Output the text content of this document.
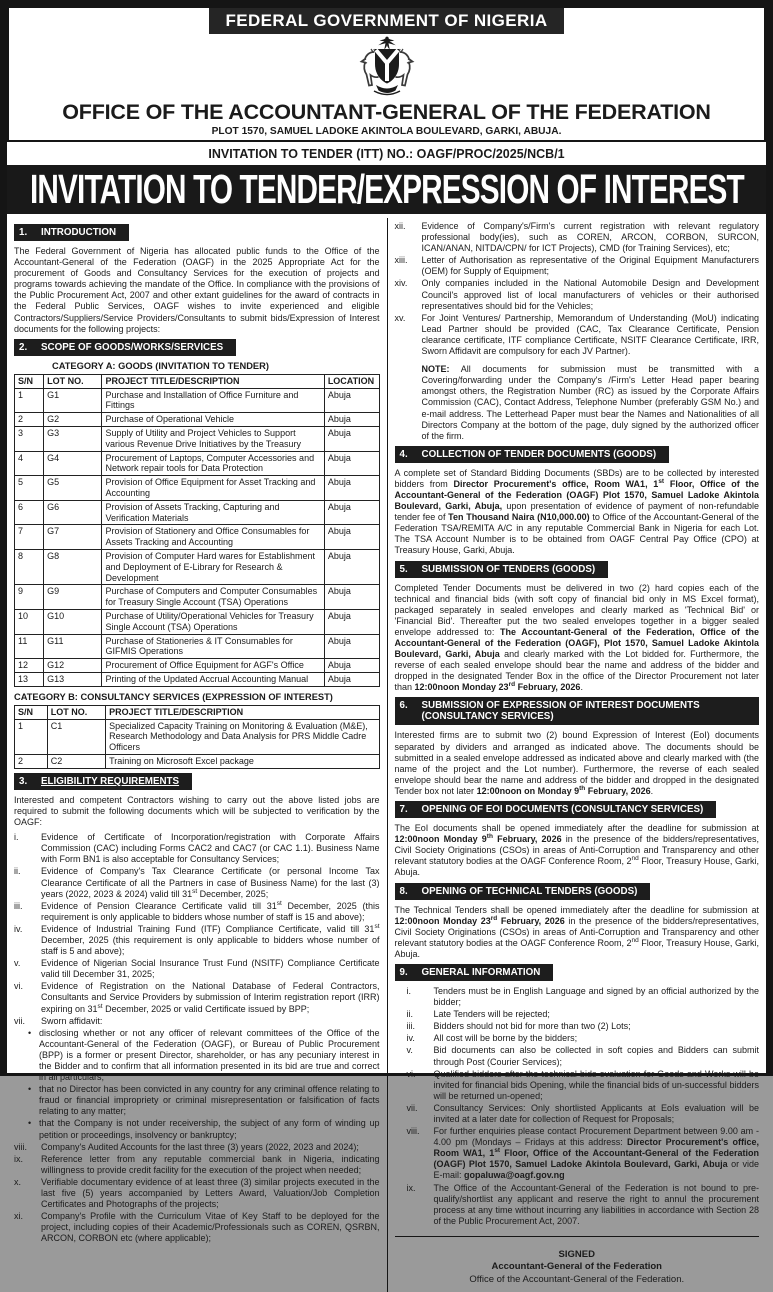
FEDERAL GOVERNMENT OF NIGERIA
OFFICE OF THE ACCOUNTANT-GENERAL OF THE FEDERATION
PLOT 1570, SAMUEL LADOKE AKINTOLA BOULEVARD, GARKI, ABUJA.
INVITATION TO TENDER (ITT) NO.: OAGF/PROC/2025/NCB/1
INVITATION TO TENDER/EXPRESSION OF INTEREST
1.	INTRODUCTION
The Federal Government of Nigeria has allocated public funds to the Office of the Accountant-General of the Federation (OAGF) in the 2025 Appropriate Act for the procurement of Goods and Consultancy Services for the execution of projects and programs towards achieving the mandate of the Office. In compliance with the provisions of the Public Procurement Act, 2007 and other extant guidelines for the award of contracts in the Federal Public Services, OAGF wishes to invite experienced and eligible Contractors/Suppliers/Service Providers/Consultants to submit bids/Expression of Interest documents for the following projects:
2.	SCOPE OF GOODS/WORKS/SERVICES
CATEGORY A: GOODS (INVITATION TO TENDER)
S/N	LOT NO.	PROJECT TITLE/DESCRIPTION	LOCATION
1	G1	Purchase and Installation of Office Furniture and Fittings	Abuja
2	G2	Purchase of Operational Vehicle	Abuja
3	G3	Supply of Utility and Project Vehicles to Support various Revenue Drive Initiatives by the Treasury	Abuja
4	G4	Procurement of Laptops, Computer Accessories and Network repair tools for Data Protection	Abuja
5	G5	Provision of Office Equipment for Asset Tracking and Accounting	Abuja
6	G6	Provision of Assets Tracking, Capturing and Verification Materials	Abuja
7	G7	Provision of Stationery and Office Consumables for Assets Tracking and Accounting	Abuja
8	G8	Provision of Computer Hard wares for Establishment and Deployment of E-Library for Research & Development	Abuja
9	G9	Purchase of Computers and Computer Consumables for Treasury Single Account (TSA) Operations	Abuja
10	G10	Purchase of Utility/Operational Vehicles for Treasury Single Account (TSA) Operations	Abuja
11	G11	Purchase of Stationeries & IT Consumables for GIFMIS Operations	Abuja
12	G12	Procurement of Office Equipment for AGF's Office	Abuja
13	G13	Printing of the Updated Accrual Accounting Manual	Abuja
CATEGORY B: CONSULTANCY SERVICES (EXPRESSION OF INTEREST)
S/N	LOT NO.	PROJECT TITLE/DESCRIPTION
1	C1	Specialized Capacity Training on Monitoring & Evaluation (M&E), Research Methodology and Data Analysis for PRS Middle Cadre Officers
2	C2	Training on Microsoft Excel package
3.	ELIGIBILITY REQUIREMENTS
Interested and competent Contractors wishing to carry out the above listed jobs are required to submit the following documents which will be subjected to verification by the OAGF:
i.	Evidence of Certificate of Incorporation/registration with Corporate Affairs Commission (CAC) including Forms CAC2 and CAC7 (or CAC 1.1). Business Name with Form BN1 is also acceptable for Consultancy Services;
ii.	Evidence of Company's Tax Clearance Certificate (or personal Income Tax Clearance Certificate of all the Partners in case of Business Name) for the last (3) years (2022, 2023 & 2024) valid till 31st December, 2025;
iii.	Evidence of Pension Clearance Certificate valid till 31st December, 2025 (this requirement is only applicable to bidders whose number of staff is 15 and above);
iv.	Evidence of Industrial Training Fund (ITF) Compliance Certificate, valid till 31st December, 2025 (this requirement is only applicable to bidders whose number of staff is 5 and above);
v.	Evidence of Nigerian Social Insurance Trust Fund (NSITF) Compliance Certificate valid till December 31, 2025;
vi.	Evidence of Registration on the National Database of Federal Contractors, Consultants and Service Providers by submission of Interim registration report (IRR) expiring on 31st December, 2025 or valid Certificate issued by BPP;
vii.	Sworn affidavit:
• disclosing whether or not any officer of relevant committees of the Office of the Accountant-General of the Federation (OAGF), or Bureau of Public Procurement (BPP) is a former or present Director, shareholder, or has any pecuniary interest in the Bidder and to confirm that all information presented in its bid are true and correct in all particulars;
• that no Director has been convicted in any country for any criminal offence relating to fraud or financial impropriety or criminal misrepresentation or falsification of facts relating to any matter;
• that the Company is not under receivership, the subject of any form of winding up petition or proceedings, insolvency or bankruptcy;
viii.	Company's Audited Accounts for the last three (3) years (2022, 2023 and 2024);
ix.	Reference letter from any reputable commercial bank in Nigeria, indicating willingness to provide credit facility for the execution of the project when needed;
x.	Verifiable documentary evidence of at least three (3) similar projects executed in the last five (5) years accompanied by Letters Award, Valuation/Job Completion Certificates and Photographs of the projects;
xi.	Company's Profile with the Curriculum Vitae of Key Staff to be deployed for the project, including copies of their Academic/Professionals such as COREN, QSRBN, ARCON, CORBON etc (where applicable);
xii.	Evidence of Company's/Firm's current registration with relevant regulatory professional body(ies), such as COREN, ARCON, CORBON, SURCON, ICAN/ANAN, NITDA/CPN/ for ICT Projects), CMD (for Training Services), etc;
xiii.	Letter of Authorisation as representative of the Original Equipment Manufacturers (OEM) for Supply of Equipment;
xiv.	Only companies included in the National Automobile Design and Development Council's approved list of local manufacturers of vehicles or their authorised representatives should bid for the Vehicles;
xv.	For Joint Ventures/ Partnership, Memorandum of Understanding (MoU) indicating Lead Partner should be provided (CAC, Tax Clearance Certificate, Pension clearance certificate, ITF compliance Certificate, NSITF Clearance Certificate, IRR, Sworn Affidavit are compulsory for each JV Partner).
NOTE: All documents for submission must be transmitted with a Covering/forwarding under the Company's /Firm's Letter Head paper bearing amongst others, the Registration Number (RC) as issued by the Corporate Affairs Commission (CAC), Contact Address, Telephone Number (preferably GSM No.) and e-mail address. The Letterhead Paper must bear the Names and Nationalities of all Directors Company at the bottom of the page, duly signed by the authorized officer of the firm.
4.	COLLECTION OF TENDER DOCUMENTS (GOODS)
A complete set of Standard Bidding Documents (SBDs) are to be collected by interested bidders from Director Procurement's office, Room WA1, 1st Floor, Office of the Accountant-General of the Federation (OAGF) Plot 1570, Samuel Ladoke Akintola Boulevard, Garki, Abuja, upon presentation of evidence of payment of non-refundable tender fee of Ten Thousand Naira (N10,000.00) to Office of the Accountant-General of the Federation TSA/REMITA A/C in any reputable Commercial Bank in Nigeria for each Lot. The TSA Account Number is to be obtained from OAGF Central Pay Office (CPO) at Treasury House, Garki, Abuja.
5.	SUBMISSION OF TENDERS (GOODS)
Completed Tender Documents must be delivered in two (2) hard copies each of the technical and financial bids (with soft copy of financial bid only in MS Excel format), packaged separately in sealed envelopes and clearly marked as 'Technical Bid' or 'Financial Bid'. Thereafter put the two sealed envelopes together in a bigger sealed envelope addressed to: The Accountant-General of the Federation, Office of the Accountant-General of the Federation (OAGF), Plot 1570, Samuel Ladoke Akintola Boulevard, Garki, Abuja and clearly marked with the Lot bidded for. Furthermore, the reverse of each sealed envelope should bear the name and address of the bidder and dropped in the designated Tender Box in the office of the Director Procurement not later than 12:00noon Monday 23rd February, 2026.
6.	SUBMISSION OF EXPRESSION OF INTEREST DOCUMENTS (CONSULTANCY SERVICES)
Interested firms are to submit two (2) bound Expression of Interest (EoI) documents separated by dividers and arranged as indicated above. The documents should be submitted in a sealed envelope addressed as indicated above and clearly marked with (the name of the project and the Lot number). Furthermore, the reverse of each sealed envelope should bear the name and address of the bidder and dropped in the designated Tender box not later 12:00noon on Monday 9th February, 2026.
7.	OPENING OF EOI DOCUMENTS (CONSULTANCY SERVICES)
The EoI documents shall be opened immediately after the deadline for submission at 12:00noon Monday 9th February, 2026 in the presence of the bidders/representatives, Civil Society Originations (CSOs) in areas of Anti-Corruption and Transparency and other relevant statutory bodies at the OAGF Conference Room, 2nd Floor, Treasury House, Garki, Abuja.
8.	OPENING OF TECHNICAL TENDERS (GOODS)
The Technical Tenders shall be opened immediately after the deadline for submission at 12:00noon Monday 23rd February, 2026 in the presence of the bidders/representatives, Civil Society Originations (CSOs) in areas of Anti-Corruption and Transparency and other relevant statutory bodies at the OAGF Conference Room, 2nd Floor, Treasury House, Garki, Abuja.
9.	GENERAL INFORMATION
i.	Tenders must be in English Language and signed by an official authorized by the bidder;
ii.	Late Tenders will be rejected;
iii.	Bidders should not bid for more than two (2) Lots;
iv.	All cost will be borne by the bidders;
v.	Bid documents can also be collected in soft copies and Bidders can submit through Post (Courier Services);
vi.	Qualified bidders after the technical bids evaluation for Goods and Works will be invited for financial bids Opening, while the financial bids of un-successful bidders will be returned un-opened;
vii.	Consultancy Services: Only shortlisted Applicants at EoIs evaluation will be invited at a later date for collection of Request for Proposals;
viii.	For further enquiries please contact Procurement Department between 9.00 am - 4.00 pm (Mondays – Fridays at this address: Director Procurement's office, Room WA1, 1st Floor, Office of the Accountant-General of the Federation (OAGF) Plot 1570, Samuel Ladoke Akintola Boulevard, Garki, Abuja or vide E-mail: gopaluwa@oagf.gov.ng
ix.	The Office of the Accountant-General of the Federation is not bound to pre-qualify/shortlist any applicant and reserve the right to annul the procurement process at any time without incurring any liabilities in accordance with Section 28 of the Public Procurement Act, 2007.
SIGNED
Accountant-General of the Federation
Office of the Accountant-General of the Federation.
